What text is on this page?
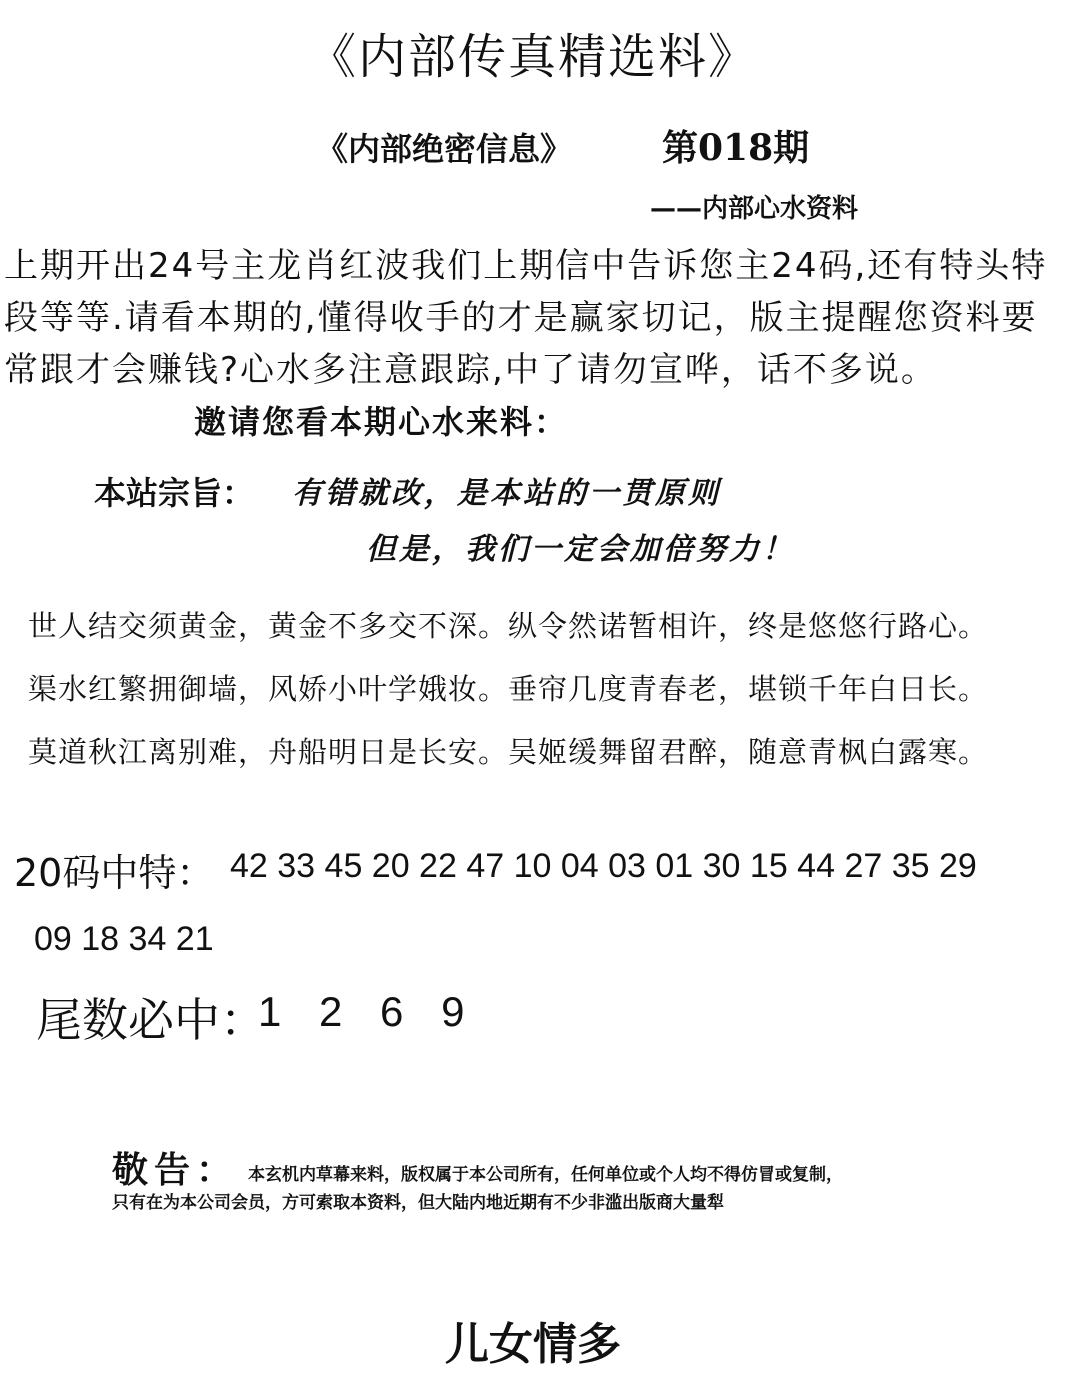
《内部传真精选料》
《内部绝密信息》 第018期
——内部心水资料
上期开出24号主龙肖红波我们上期信中告诉您主24码,还有特头特段等等.请看本期的,懂得收手的才是赢家切记，版主提醒您资料要常跟才会赚钱?心水多注意跟踪,中了请勿宣哗，话不多说。邀请您看本期心水来料：
本站宗旨： 有错就改，是本站的一贯原则
但是，我们一定会加倍努力！
世人结交须黄金，黄金不多交不深。纵令然诺暂相许，终是悠悠行路心。
渠水红繁拥御墙，风娇小叶学娥妆。垂帘几度青春老，堪锁千年白日长。
莫道秋江离别难，舟船明日是长安。吴姬缓舞留君醉，随意青枫白露寒。
20码中特： 42 33 45 20 22 47 10 04 03 01 30 15 44 27 35 29
09 18 34 21
尾数必中：
1 2 6 9
敬告： 本玄机内草幕来料，版权属于本公司所有，任何单位或个人均不得仿冒或复制，
只有在为本公司会员，方可索取本资料，但大陆内地近期有不少非滥出版商大量犁
儿女情多
